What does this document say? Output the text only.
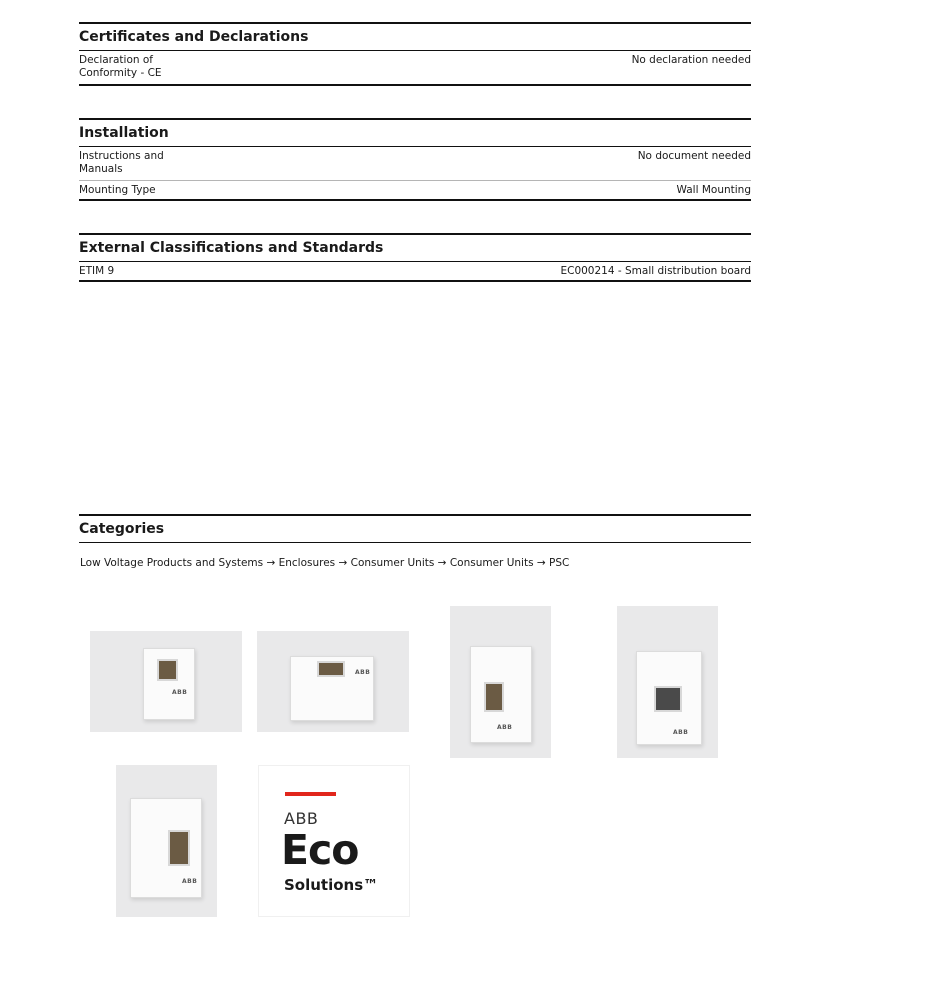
Certificates and Declarations
Declaration of Conformity - CE
No declaration needed
Installation
Instructions and Manuals
No document needed
Mounting Type	Wall Mounting
External Classifications and Standards
ETIM 9	EC000214 - Small distribution board
Categories
Low Voltage Products and Systems → Enclosures → Consumer Units → Consumer Units → PSC
ABB
ABB
ABB
ABB
ABB
ABB
Eco
Solutions™
